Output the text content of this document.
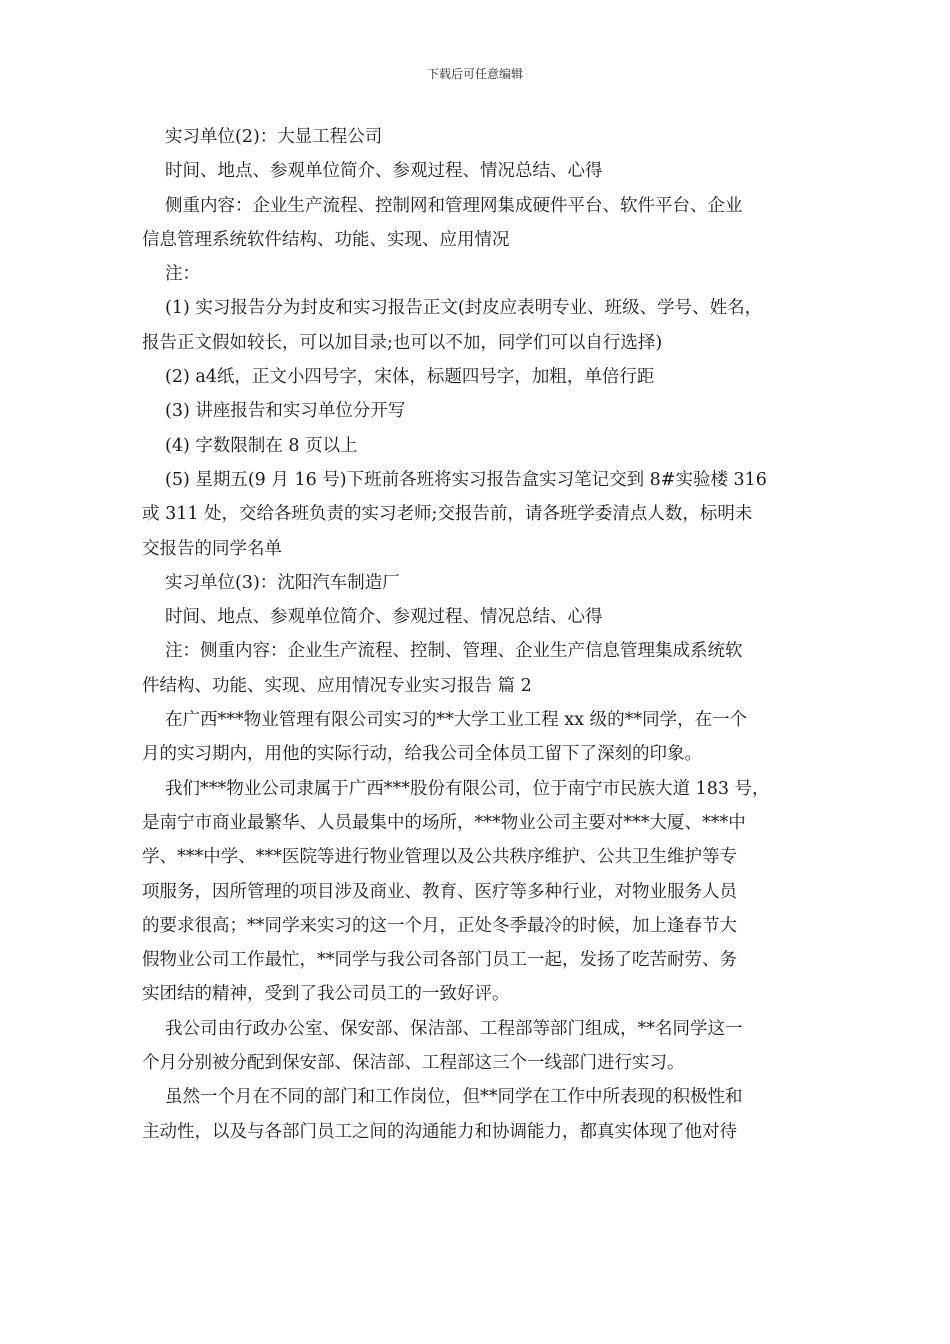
下载后可任意编辑

实习单位(2)：大显工程公司

时间、地点、参观单位简介、参观过程、情况总结、心得

侧重内容：企业生产流程、控制网和管理网集成硬件平台、软件平台、企业
信息管理系统软件结构、功能、实现、应用情况

注：

(1) 实习报告分为封皮和实习报告正文(封皮应表明专业、班级、学号、姓名，
报告正文假如较长，可以加目录;也可以不加，同学们可以自行选择)

(2) a4纸，正文小四号字，宋体，标题四号字，加粗，单倍行距

(3) 讲座报告和实习单位分开写

(4) 字数限制在 8 页以上

(5) 星期五(9 月 16 号)下班前各班将实习报告盒实习笔记交到 8#实验楼 316
或 311 处，交给各班负责的实习老师;交报告前，请各班学委清点人数，标明未
交报告的同学名单

实习单位(3)：沈阳汽车制造厂

时间、地点、参观单位简介、参观过程、情况总结、心得

注：侧重内容：企业生产流程、控制、管理、企业生产信息管理集成系统软
件结构、功能、实现、应用情况专业实习报告 篇 2

在广西***物业管理有限公司实习的**大学工业工程 xx 级的**同学，在一个
月的实习期内，用他的实际行动，给我公司全体员工留下了深刻的印象。

我们***物业公司隶属于广西***股份有限公司，位于南宁市民族大道 183 号，
是南宁市商业最繁华、人员最集中的场所，***物业公司主要对***大厦、***中
学、***中学、***医院等进行物业管理以及公共秩序维护、公共卫生维护等专
项服务，因所管理的项目涉及商业、教育、医疗等多种行业，对物业服务人员
的要求很高；**同学来实习的这一个月，正处冬季最冷的时候，加上逢春节大
假物业公司工作最忙，**同学与我公司各部门员工一起，发扬了吃苦耐劳、务
实团结的精神，受到了我公司员工的一致好评。

我公司由行政办公室、保安部、保洁部、工程部等部门组成，**名同学这一
个月分别被分配到保安部、保洁部、工程部这三个一线部门进行实习。

虽然一个月在不同的部门和工作岗位，但**同学在工作中所表现的积极性和
主动性，以及与各部门员工之间的沟通能力和协调能力，都真实体现了他对待
